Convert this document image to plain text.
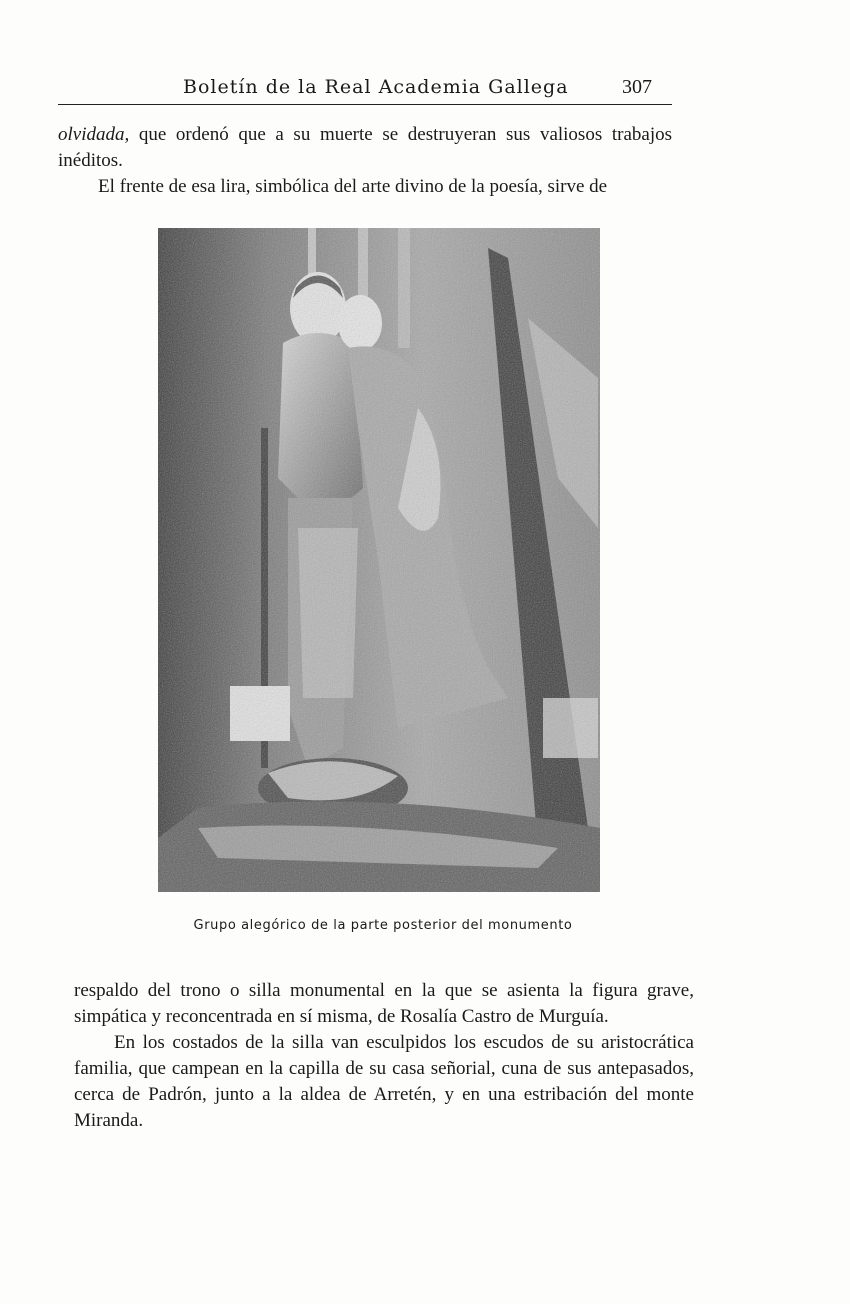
Boletín de la Real Academia Gallega	307

olvidada, que ordenó que a su muerte se destruyeran sus valiosos trabajos inéditos.

El frente de esa lira, simbólica del arte divino de la poesía, sirve de

Grupo alegórico de la parte posterior del monumento

respaldo del trono o silla monumental en la que se asienta la figura grave, simpática y reconcentrada en sí misma, de Rosalía Castro de Murguía.

En los costados de la silla van esculpidos los escudos de su aristocrática familia, que campean en la capilla de su casa señorial, cuna de sus antepasados, cerca de Padrón, junto a la aldea de Arretén, y en una estribación del monte Miranda.
